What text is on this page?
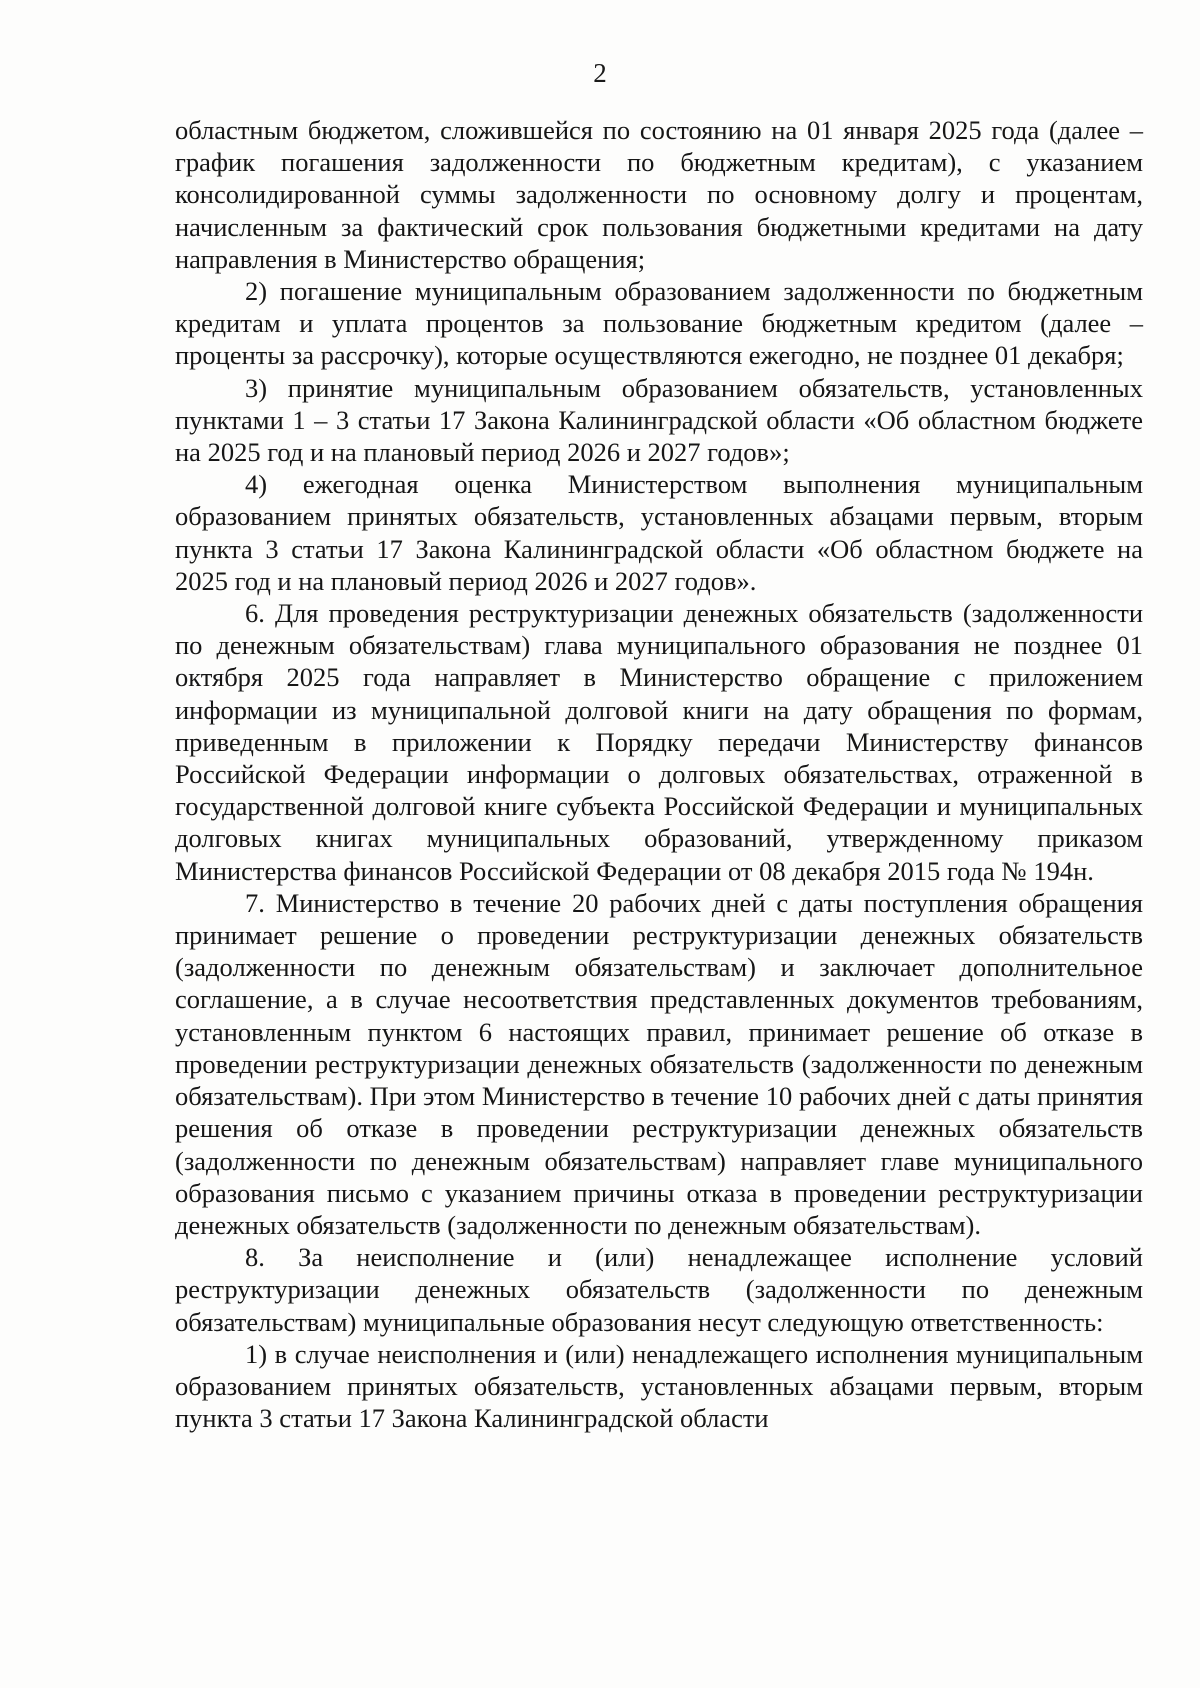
2

областным бюджетом, сложившейся по состоянию на 01 января 2025 года (далее – график погашения задолженности по бюджетным кредитам), с указанием консолидированной суммы задолженности по основному долгу и процентам, начисленным за фактический срок пользования бюджетными кредитами на дату направления в Министерство обращения;

2) погашение муниципальным образованием задолженности по бюджетным кредитам и уплата процентов за пользование бюджетным кредитом (далее – проценты за рассрочку), которые осуществляются ежегодно, не позднее 01 декабря;

3) принятие муниципальным образованием обязательств, установленных пунктами 1 – 3 статьи 17 Закона Калининградской области «Об областном бюджете на 2025 год и на плановый период 2026 и 2027 годов»;

4) ежегодная оценка Министерством выполнения муниципальным образованием принятых обязательств, установленных абзацами первым, вторым пункта 3 статьи 17 Закона Калининградской области «Об областном бюджете на 2025 год и на плановый период 2026 и 2027 годов».

6. Для проведения реструктуризации денежных обязательств (задолженности по денежным обязательствам) глава муниципального образования не позднее 01 октября 2025 года направляет в Министерство обращение с приложением информации из муниципальной долговой книги на дату обращения по формам, приведенным в приложении к Порядку передачи Министерству финансов Российской Федерации информации о долговых обязательствах, отраженной в государственной долговой книге субъекта Российской Федерации и муниципальных долговых книгах муниципальных образований, утвержденному приказом Министерства финансов Российской Федерации от 08 декабря 2015 года № 194н.

7. Министерство в течение 20 рабочих дней с даты поступления обращения принимает решение о проведении реструктуризации денежных обязательств (задолженности по денежным обязательствам) и заключает дополнительное соглашение, а в случае несоответствия представленных документов требованиям, установленным пунктом 6 настоящих правил, принимает решение об отказе в проведении реструктуризации денежных обязательств (задолженности по денежным обязательствам). При этом Министерство в течение 10 рабочих дней с даты принятия решения об отказе в проведении реструктуризации денежных обязательств (задолженности по денежным обязательствам) направляет главе муниципального образования письмо с указанием причины отказа в проведении реструктуризации денежных обязательств (задолженности по денежным обязательствам).

8. За неисполнение и (или) ненадлежащее исполнение условий реструктуризации денежных обязательств (задолженности по денежным обязательствам) муниципальные образования несут следующую ответственность:

1) в случае неисполнения и (или) ненадлежащего исполнения муниципальным образованием принятых обязательств, установленных абзацами первым, вторым пункта 3 статьи 17 Закона Калининградской области
